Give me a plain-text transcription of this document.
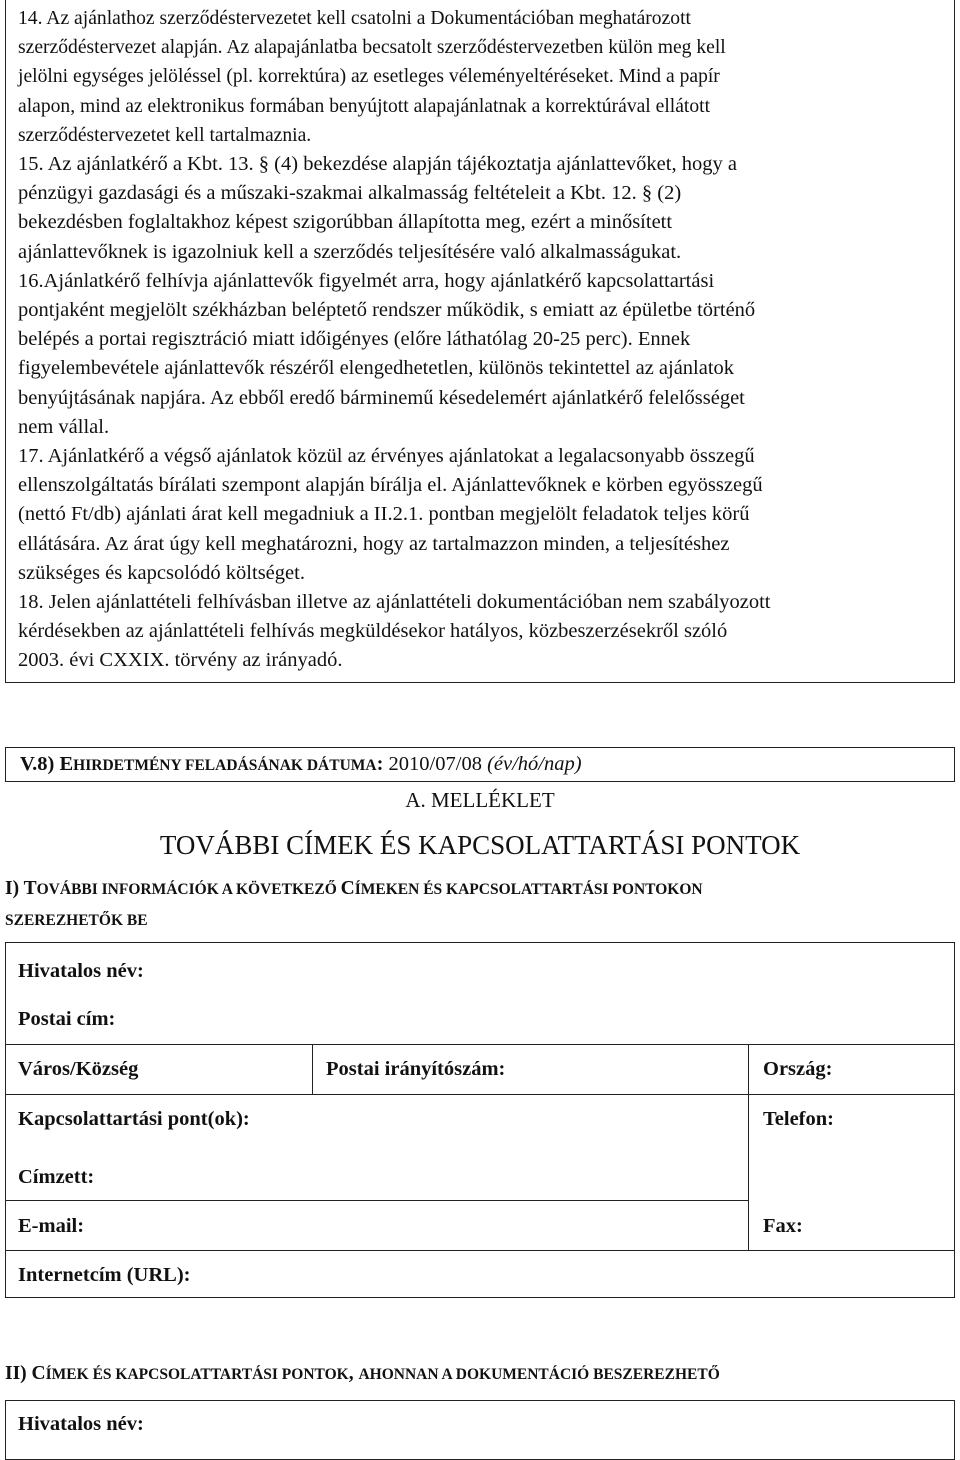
14. Az ajánlathoz szerződéstervezetet kell csatolni a Dokumentációban meghatározott
szerződéstervezet alapján. Az alapajánlatba becsatolt szerződéstervezetben külön meg kell
jelölni egységes jelöléssel (pl. korrektúra) az esetleges véleményeltéréseket. Mind a papír
alapon, mind az elektronikus formában benyújtott alapajánlatnak a korrektúrával ellátott
szerződéstervezetet kell tartalmaznia.

15. Az ajánlatkérő a Kbt. 13. § (4) bekezdése alapján tájékoztatja ajánlattevőket, hogy a
pénzügyi gazdasági és a műszaki-szakmai alkalmasság feltételeit a Kbt. 12. § (2)
bekezdésben foglaltakhoz képest szigorúbban állapította meg, ezért a minősített
ajánlattevőknek is igazolniuk kell a szerződés teljesítésére való alkalmasságukat.

16.Ajánlatkérő felhívja ajánlattevők figyelmét arra, hogy ajánlatkérő kapcsolattartási
pontjaként megjelölt székházban beléptető rendszer működik, s emiatt az épületbe történő
belépés a portai regisztráció miatt időigényes (előre láthatólag 20-25 perc). Ennek
figyelembevétele ajánlattevők részéről elengedhetetlen, különös tekintettel az ajánlatok
benyújtásának napjára. Az ebből eredő bárminemű késedelemért ajánlatkérő felelősséget
nem vállal.

17. Ajánlatkérő a végső ajánlatok közül az érvényes ajánlatokat a legalacsonyabb összegű
ellenszolgáltatás bírálati szempont alapján bírálja el. Ajánlattevőknek e körben egyösszegű
(nettó Ft/db) ajánlati árat kell megadniuk a II.2.1. pontban megjelölt feladatok teljes körű
ellátására. Az árat úgy kell meghatározni, hogy az tartalmazzon minden, a teljesítéshez
szükséges és kapcsolódó költséget.

18. Jelen ajánlattételi felhívásban illetve az ajánlattételi dokumentációban nem szabályozott
kérdésekben az ajánlattételi felhívás megküldésekor hatályos, közbeszerzésekről szóló
2003. évi CXXIX. törvény az irányadó.

V.8) EHIRDETMÉNY FELADÁSÁNAK DÁTUMA: 2010/07/08 (év/hó/nap)
A. MELLÉKLET
TOVÁBBI CÍMEK ÉS KAPCSOLATTARTÁSI PONTOK
I) TOVÁBBI INFORMÁCIÓK A KÖVETKEZŐ CÍMEKEN ÉS KAPCSOLATTARTÁSI PONTOKON
SZEREZHETŐK BE
Hivatalos név:
Postai cím:
Város/Község	Postai irányítószám:	Ország:
Kapcsolattartási pont(ok):	Telefon:
Címzett:
E-mail:	Fax:
Internetcím (URL):
II) CÍMEK ÉS KAPCSOLATTARTÁSI PONTOK, AHONNAN A DOKUMENTÁCIÓ BESZEREZHETŐ
Hivatalos név:
